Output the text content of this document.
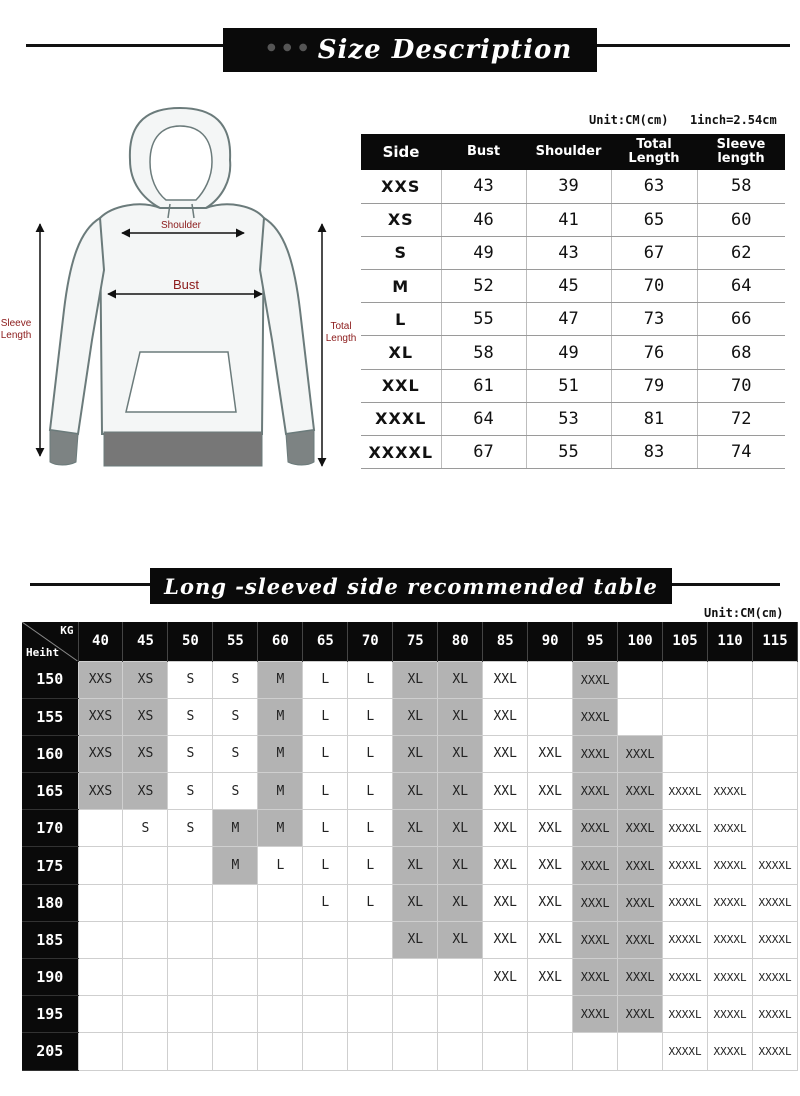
● ● ● Size Description
Unit:CM(cm) 1inch=2.54cm
Shoulder
Bust
Sleeve
Length
Total
Length
Side	Bust	Shoulder	Total Length	Sleeve length
XXS	43	39	63	58
XS	46	41	65	60
S	49	43	67	62
M	52	45	70	64
L	55	47	73	66
XL	58	49	76	68
XXL	61	51	79	70
XXXL	64	53	81	72
XXXXL	67	55	83	74
Long -sleeved side recommended table
Unit:CM(cm)
KG
Heiht	40	45	50	55	60	65	70	75	80	85	90	95	100	105	110	115
150	XXS	XS	S	S	M	L	L	XL	XL	XXL		XXXL				
155	XXS	XS	S	S	M	L	L	XL	XL	XXL		XXXL				
160	XXS	XS	S	S	M	L	L	XL	XL	XXL	XXL	XXXL	XXXL			
165	XXS	XS	S	S	M	L	L	XL	XL	XXL	XXL	XXXL	XXXL	XXXXL	XXXXL	
170		S	S	M	M	L	L	XL	XL	XXL	XXL	XXXL	XXXL	XXXXL	XXXXL	
175				M	L	L	L	XL	XL	XXL	XXL	XXXL	XXXL	XXXXL	XXXXL	XXXXL
180						L	L	XL	XL	XXL	XXL	XXXL	XXXL	XXXXL	XXXXL	XXXXL
185								XL	XL	XXL	XXL	XXXL	XXXL	XXXXL	XXXXL	XXXXL
190										XXL	XXL	XXXL	XXXL	XXXXL	XXXXL	XXXXL
195												XXXL	XXXL	XXXXL	XXXXL	XXXXL
205														XXXXL	XXXXL	XXXXL
